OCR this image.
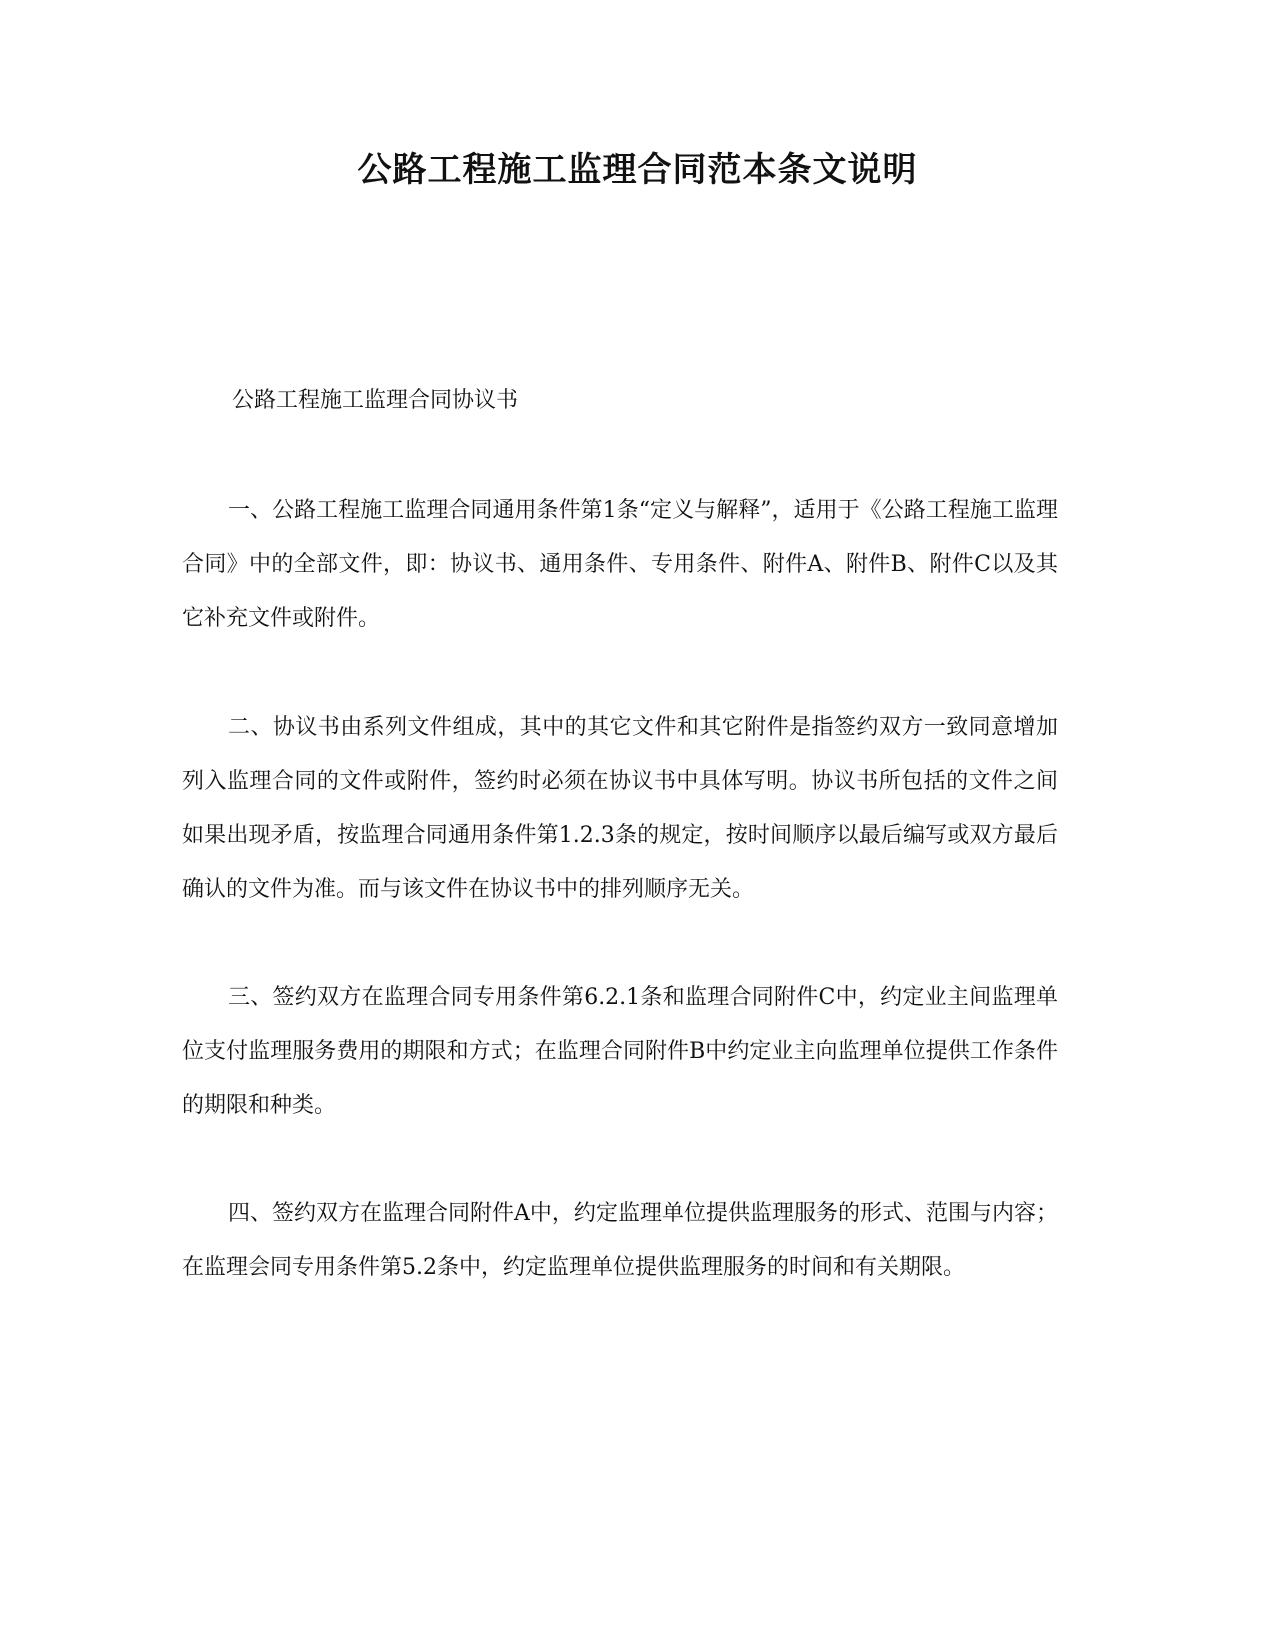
公路工程施工监理合同范本条文说明
公路工程施工监理合同协议书

一、公路工程施工监理合同通用条件第1条“定义与解释”，适用于《公路工程施工监理合同》中的全部文件，即：协议书、通用条件、专用条件、附件A、附件B、附件C以及其它补充文件或附件。

二、协议书由系列文件组成，其中的其它文件和其它附件是指签约双方一致同意增加列入监理合同的文件或附件，签约时必须在协议书中具体写明。协议书所包括的文件之间如果出现矛盾，按监理合同通用条件第1.2.3条的规定，按时间顺序以最后编写或双方最后确认的文件为准。而与该文件在协议书中的排列顺序无关。

三、签约双方在监理合同专用条件第6.2.1条和监理合同附件C中，约定业主间监理单位支付监理服务费用的期限和方式；在监理合同附件B中约定业主向监理单位提供工作条件的期限和种类。

四、签约双方在监理合同附件A中，约定监理单位提供监理服务的形式、范围与内容；在监理会同专用条件第5.2条中，约定监理单位提供监理服务的时间和有关期限。
